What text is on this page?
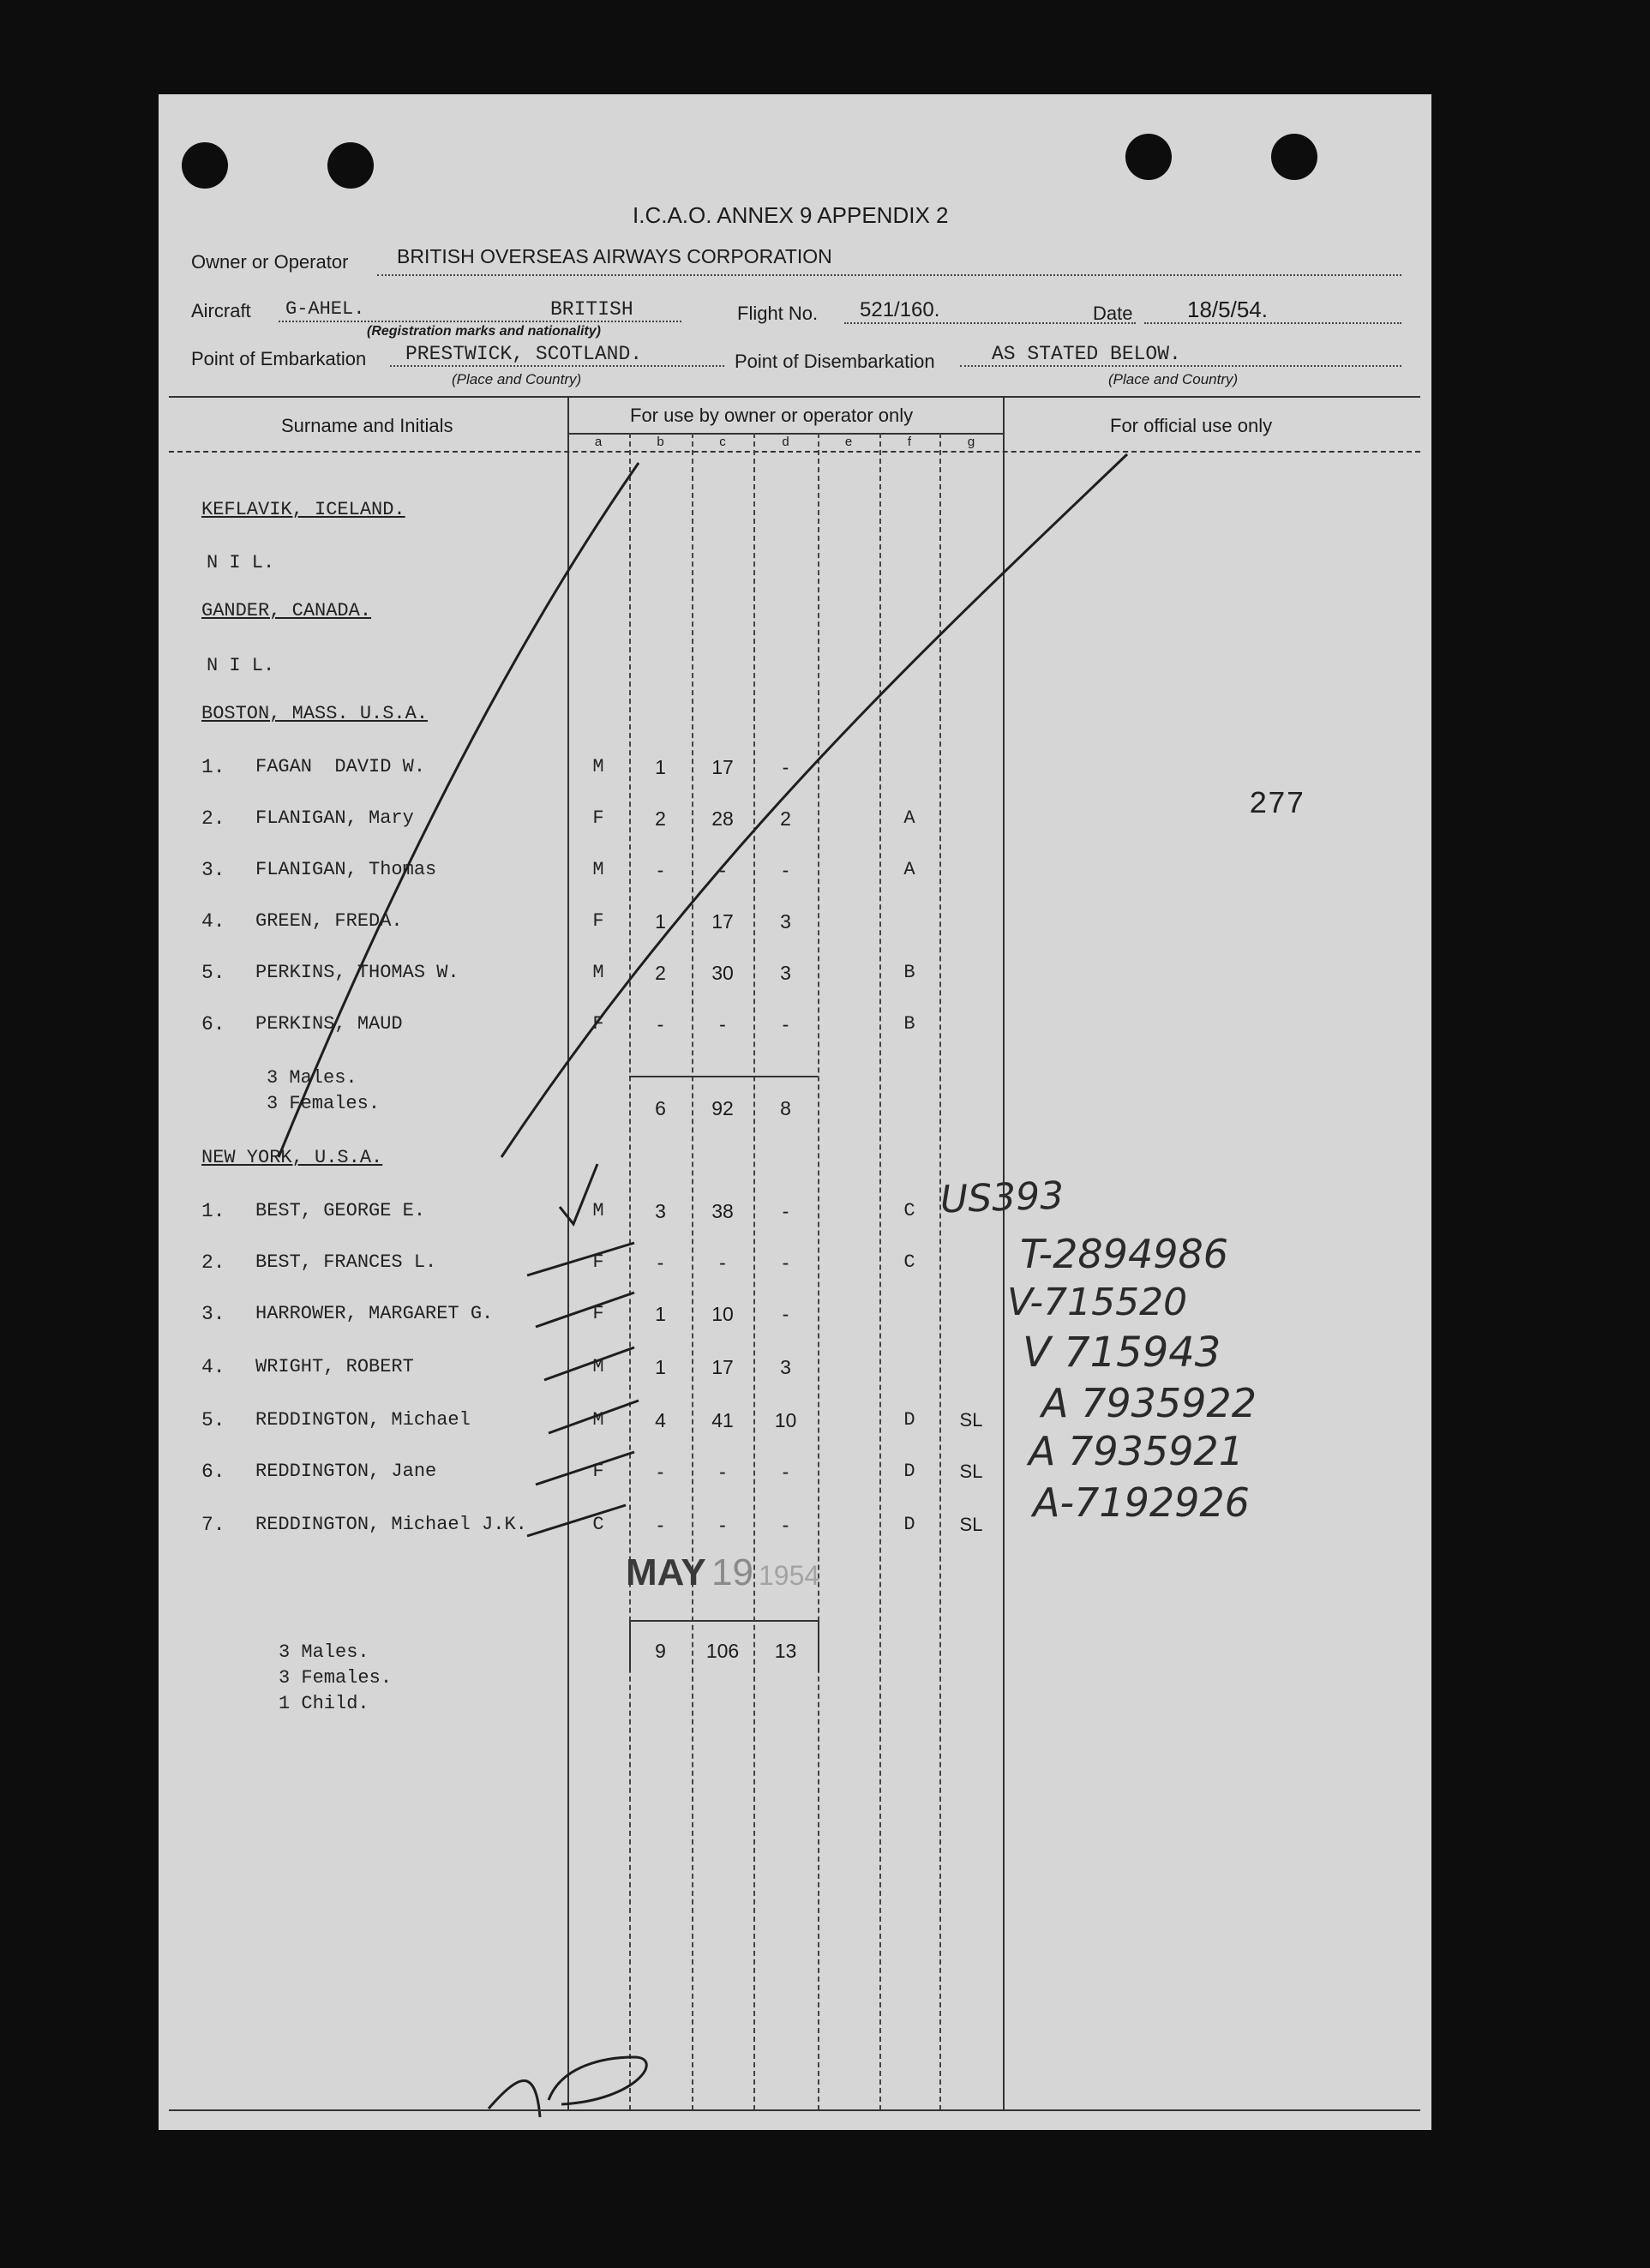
I.C.A.O. ANNEX 9 APPENDIX 2
Owner or Operator BRITISH OVERSEAS AIRWAYS CORPORATION
Aircraft G-AHEL.	BRITISH	Flight No. 521/160.	Date 18/5/54.
(Registration marks and nationality)
Point of Embarkation PRESTWICK, SCOTLAND.	Point of Disembarkation	AS STATED BELOW.
(Place and Country)	(Place and Country)
Surname and Initials	For use by owner or operator only	For official use only
a	b	c	d	e	f	g
KEFLAVIK, ICELAND.
N I L.
GANDER, CANADA.
N I L.
BOSTON, MASS. U.S.A.
1. FAGAN  DAVID W.	M	1	17	-
2. FLANIGAN, Mary	F	2	28	2	A
3. FLANIGAN, Thomas	M	-	-	-	A
4. GREEN, FREDA.	F	1	17	3
5. PERKINS, THOMAS W.	M	2	30	3	B
6. PERKINS, MAUD	F	-	-	-	B
3 Males.
3 Females.	6	92	8
NEW YORK, U.S.A.
1. BEST, GEORGE E.	M	3	38	-	C
2. BEST, FRANCES L.	F	-	-	-	C
3. HARROWER, MARGARET G.	F	1	10	-
4. WRIGHT, ROBERT	M	1	17	3
5. REDDINGTON, Michael	M	4	41	10	D	SL
6. REDDINGTON, Jane	F	-	-	-	D	SL
7. REDDINGTON, Michael J.K.	C	-	-	-	D	SL
MAY 19 1954
9	106	13
3 Males.
3 Females.
1 Child.
277
US393
T-2894986
V-715520
V 715943
A 7935922
A 7935921
A-7192926
